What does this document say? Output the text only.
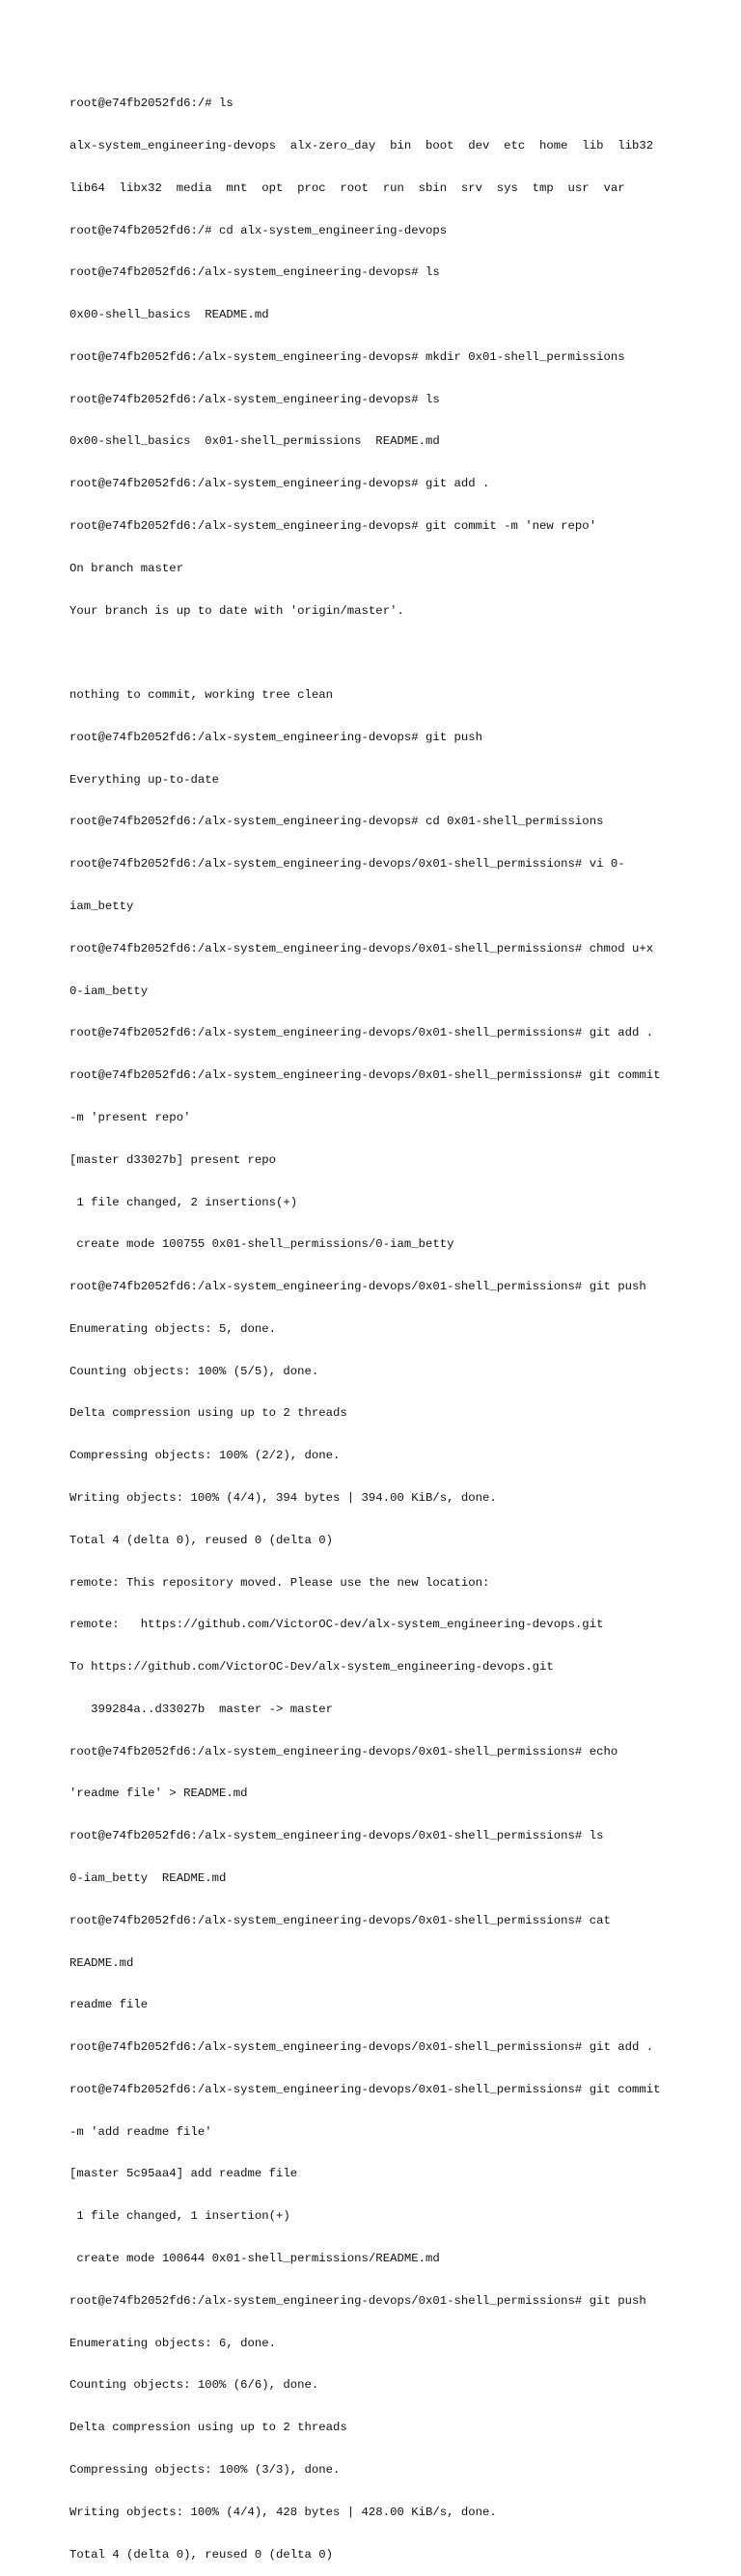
root@e74fb2052fd6:/# ls

alx-system_engineering-devops  alx-zero_day  bin  boot  dev  etc  home  lib  lib32

lib64  libx32  media  mnt  opt  proc  root  run  sbin  srv  sys  tmp  usr  var

root@e74fb2052fd6:/# cd alx-system_engineering-devops

root@e74fb2052fd6:/alx-system_engineering-devops# ls

0x00-shell_basics  README.md

root@e74fb2052fd6:/alx-system_engineering-devops# mkdir 0x01-shell_permissions

root@e74fb2052fd6:/alx-system_engineering-devops# ls

0x00-shell_basics  0x01-shell_permissions  README.md

root@e74fb2052fd6:/alx-system_engineering-devops# git add .

root@e74fb2052fd6:/alx-system_engineering-devops# git commit -m 'new repo'

On branch master

Your branch is up to date with 'origin/master'.

nothing to commit, working tree clean

root@e74fb2052fd6:/alx-system_engineering-devops# git push

Everything up-to-date

root@e74fb2052fd6:/alx-system_engineering-devops# cd 0x01-shell_permissions

root@e74fb2052fd6:/alx-system_engineering-devops/0x01-shell_permissions# vi 0-

iam_betty

root@e74fb2052fd6:/alx-system_engineering-devops/0x01-shell_permissions# chmod u+x

0-iam_betty

root@e74fb2052fd6:/alx-system_engineering-devops/0x01-shell_permissions# git add .

root@e74fb2052fd6:/alx-system_engineering-devops/0x01-shell_permissions# git commit

-m 'present repo'

[master d33027b] present repo

1 file changed, 2 insertions(+)

create mode 100755 0x01-shell_permissions/0-iam_betty

root@e74fb2052fd6:/alx-system_engineering-devops/0x01-shell_permissions# git push

Enumerating objects: 5, done.

Counting objects: 100% (5/5), done.

Delta compression using up to 2 threads

Compressing objects: 100% (2/2), done.

Writing objects: 100% (4/4), 394 bytes | 394.00 KiB/s, done.

Total 4 (delta 0), reused 0 (delta 0)

remote: This repository moved. Please use the new location:

remote:   https://github.com/VictorOC-dev/alx-system_engineering-devops.git

To https://github.com/VictorOC-Dev/alx-system_engineering-devops.git

399284a..d33027b  master -> master

root@e74fb2052fd6:/alx-system_engineering-devops/0x01-shell_permissions# echo

'readme file' > README.md

root@e74fb2052fd6:/alx-system_engineering-devops/0x01-shell_permissions# ls

0-iam_betty  README.md

root@e74fb2052fd6:/alx-system_engineering-devops/0x01-shell_permissions# cat

README.md

readme file

root@e74fb2052fd6:/alx-system_engineering-devops/0x01-shell_permissions# git add .

root@e74fb2052fd6:/alx-system_engineering-devops/0x01-shell_permissions# git commit

-m 'add readme file'

[master 5c95aa4] add readme file

1 file changed, 1 insertion(+)

create mode 100644 0x01-shell_permissions/README.md

root@e74fb2052fd6:/alx-system_engineering-devops/0x01-shell_permissions# git push

Enumerating objects: 6, done.

Counting objects: 100% (6/6), done.

Delta compression using up to 2 threads

Compressing objects: 100% (3/3), done.

Writing objects: 100% (4/4), 428 bytes | 428.00 KiB/s, done.

Total 4 (delta 0), reused 0 (delta 0)
